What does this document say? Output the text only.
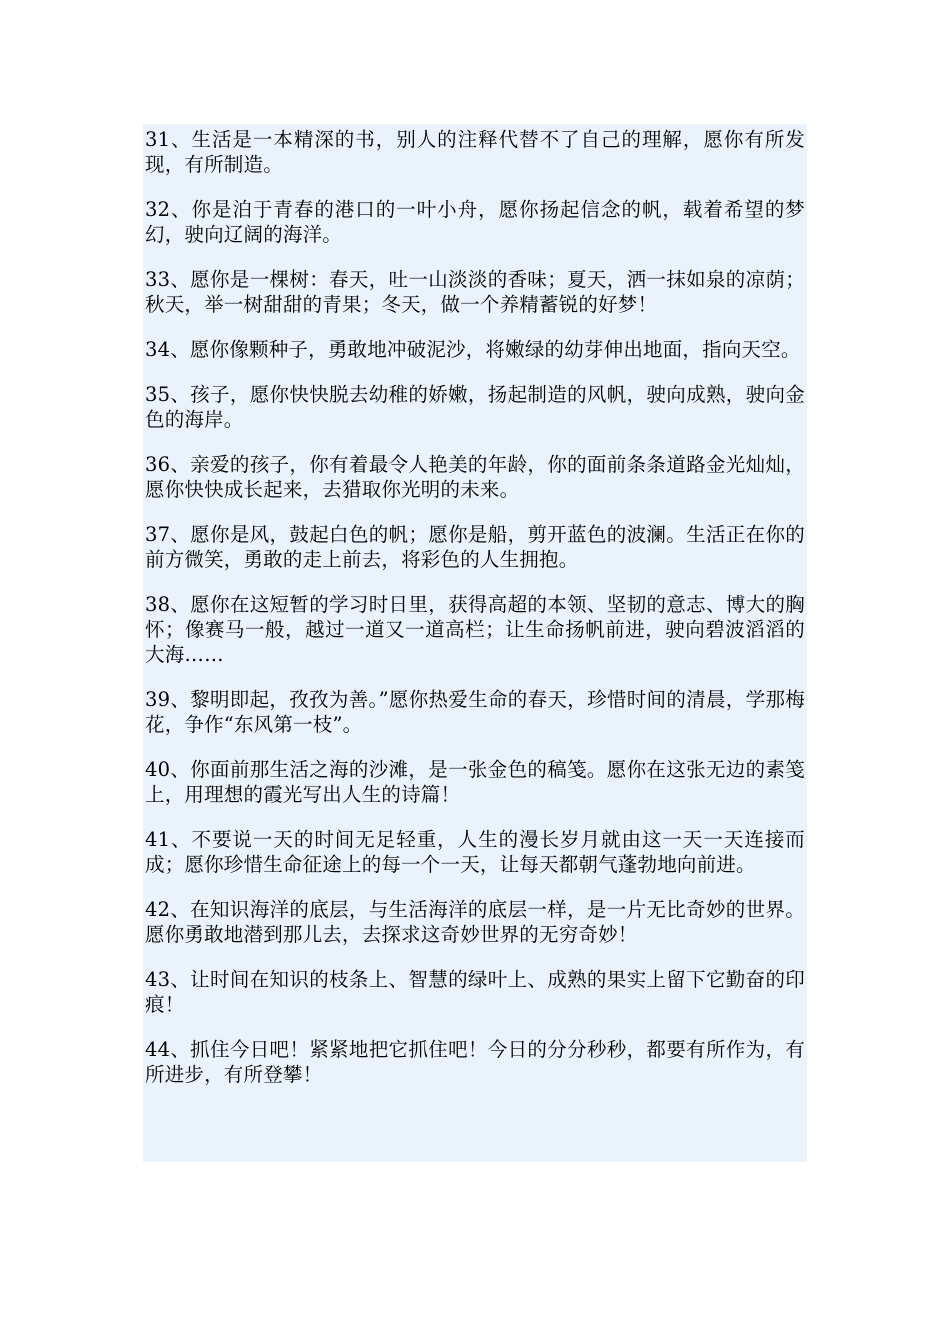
31、生活是一本精深的书，别人的注释代替不了自己的理解，愿你有所发现，有所制造。

32、你是泊于青春的港口的一叶小舟，愿你扬起信念的帆，载着希望的梦幻，驶向辽阔的海洋。

33、愿你是一棵树：春天，吐一山淡淡的香味；夏天，洒一抹如泉的凉荫；秋天，举一树甜甜的青果；冬天，做一个养精蓄锐的好梦！

34、愿你像颗种子，勇敢地冲破泥沙，将嫩绿的幼芽伸出地面，指向天空。

35、孩子，愿你快快脱去幼稚的娇嫩，扬起制造的风帆，驶向成熟，驶向金色的海岸。

36、亲爱的孩子，你有着最令人艳美的年龄，你的面前条条道路金光灿灿，愿你快快成长起来，去猎取你光明的未来。

37、愿你是风，鼓起白色的帆；愿你是船，剪开蓝色的波澜。生活正在你的前方微笑，勇敢的走上前去，将彩色的人生拥抱。

38、愿你在这短暂的学习时日里，获得高超的本领、坚韧的意志、博大的胸怀；像赛马一般，越过一道又一道高栏；让生命扬帆前进，驶向碧波滔滔的大海……

39、黎明即起，孜孜为善。”愿你热爱生命的春天，珍惜时间的清晨，学那梅花，争作“东风第一枝”。

40、你面前那生活之海的沙滩，是一张金色的稿笺。愿你在这张无边的素笺上，用理想的霞光写出人生的诗篇！

41、不要说一天的时间无足轻重，人生的漫长岁月就由这一天一天连接而成；愿你珍惜生命征途上的每一个一天，让每天都朝气蓬勃地向前进。

42、在知识海洋的底层，与生活海洋的底层一样，是一片无比奇妙的世界。愿你勇敢地潜到那儿去，去探求这奇妙世界的无穷奇妙！

43、让时间在知识的枝条上、智慧的绿叶上、成熟的果实上留下它勤奋的印痕！

44、抓住今日吧！紧紧地把它抓住吧！今日的分分秒秒，都要有所作为，有所进步，有所登攀！
